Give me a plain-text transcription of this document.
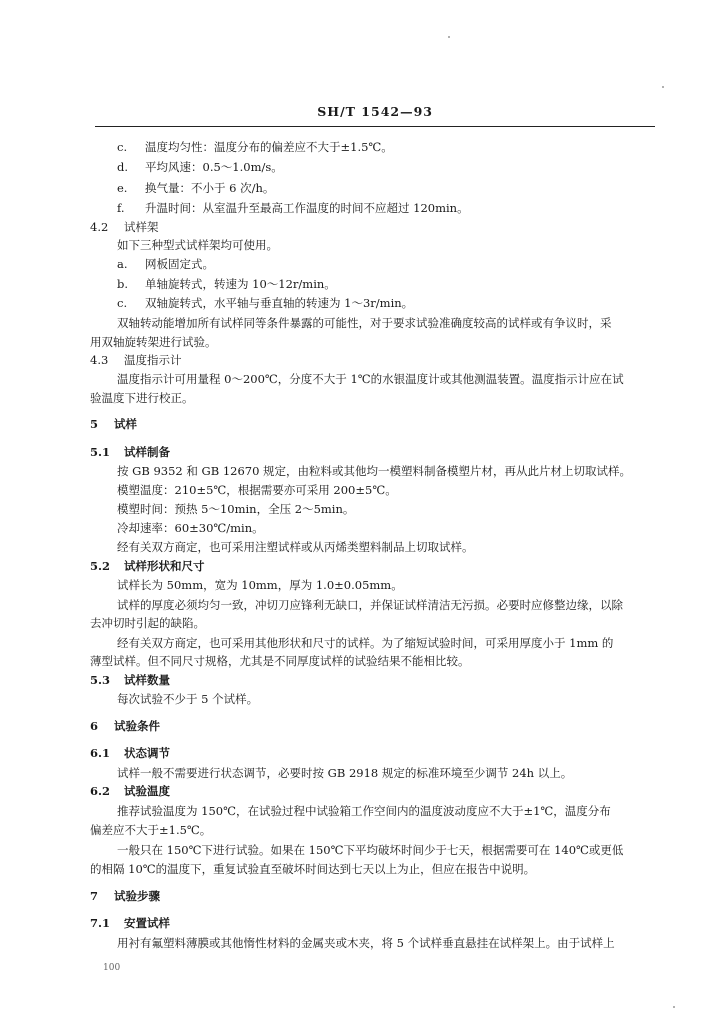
SH/T 1542—93
c. 温度均匀性：温度分布的偏差应不大于±1.5℃。
d. 平均风速：0.5～1.0m/s。
e. 换气量：不小于 6 次/h。
f. 升温时间：从室温升至最高工作温度的时间不应超过 120min。
4.2 试样架
如下三种型式试样架均可使用。
a. 网板固定式。
b. 单轴旋转式，转速为 10～12r/min。
c. 双轴旋转式，水平轴与垂直轴的转速为 1～3r/min。
双轴转动能增加所有试样同等条件暴露的可能性，对于要求试验准确度较高的试样或有争议时，采
用双轴旋转架进行试验。
4.3 温度指示计
温度指示计可用量程 0～200℃，分度不大于 1℃的水银温度计或其他测温装置。温度指示计应在试
验温度下进行校正。
5 试样
5.1 试样制备
按 GB 9352 和 GB 12670 规定，由粒料或其他均一模塑料制备模塑片材，再从此片材上切取试样。
模塑温度：210±5℃，根据需要亦可采用 200±5℃。
模塑时间：预热 5～10min，全压 2～5min。
冷却速率：60±30℃/min。
经有关双方商定，也可采用注塑试样或从丙烯类塑料制品上切取试样。
5.2 试样形状和尺寸
试样长为 50mm，宽为 10mm，厚为 1.0±0.05mm。
试样的厚度必须均匀一致，冲切刀应锋利无缺口，并保证试样清洁无污损。必要时应修整边缘，以除
去冲切时引起的缺陷。
经有关双方商定，也可采用其他形状和尺寸的试样。为了缩短试验时间，可采用厚度小于 1mm 的
薄型试样。但不同尺寸规格，尤其是不同厚度试样的试验结果不能相比较。
5.3 试样数量
每次试验不少于 5 个试样。
6 试验条件
6.1 状态调节
试样一般不需要进行状态调节，必要时按 GB 2918 规定的标准环境至少调节 24h 以上。
6.2 试验温度
推荐试验温度为 150℃，在试验过程中试验箱工作空间内的温度波动度应不大于±1℃，温度分布
偏差应不大于±1.5℃。
一般只在 150℃下进行试验。如果在 150℃下平均破坏时间少于七天，根据需要可在 140℃或更低
的相隔 10℃的温度下，重复试验直至破坏时间达到七天以上为止，但应在报告中说明。
7 试验步骤
7.1 安置试样
用衬有氟塑料薄膜或其他惰性材料的金属夹或木夹，将 5 个试样垂直悬挂在试样架上。由于试样上
100
